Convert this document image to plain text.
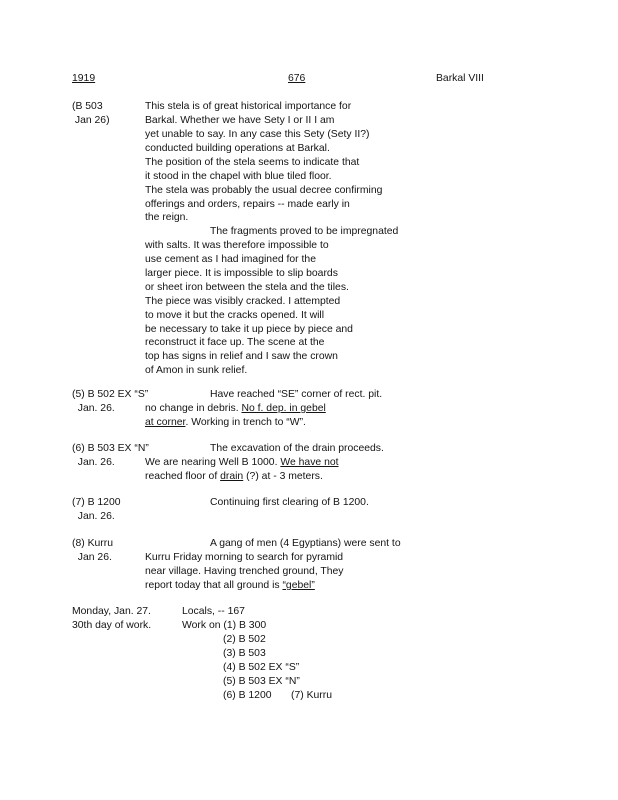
1919	676	Barkal VIII
(B 503
Jan 26)
This stela is of great historical importance for
Barkal. Whether we have Sety I or II I am
yet unable to say. In any case this Sety (Sety II?)
conducted building operations at Barkal.
The position of the stela seems to indicate that
it stood in the chapel with blue tiled floor.
The stela was probably the usual decree confirming
offerings and orders, repairs -- made early in
the reign.
The fragments proved to be impregnated
with salts. It was therefore impossible to
use cement as I had imagined for the
larger piece. It is impossible to slip boards
or sheet iron between the stela and the tiles.
The piece was visibly cracked. I attempted
to move it but the cracks opened. It will
be necessary to take it up piece by piece and
reconstruct it face up. The scene at the
top has signs in relief and I saw the crown
of Amon in sunk relief.
(5) B 502 EX “S”
Jan. 26.
Have reached “SE” corner of rect. pit.
no change in debris. No f. dep. in gebel
at corner. Working in trench to “W”.
(6) B 503 EX “N”
Jan. 26.
The excavation of the drain proceeds.
We are nearing Well B 1000. We have not
reached floor of drain (?) at - 3 meters.
(7) B 1200
Jan. 26.
Continuing first clearing of B 1200.
(8) Kurru
Jan 26.
A gang of men (4 Egyptians) were sent to
Kurru Friday morning to search for pyramid
near village. Having trenched ground, They
report today that all ground is “gebel”
Monday, Jan. 27.
30th day of work.
Locals, -- 167
Work on (1) B 300
(2) B 502
(3) B 503
(4) B 502 EX “S”
(5) B 503 EX “N”
(6) B 1200 (7) Kurru
